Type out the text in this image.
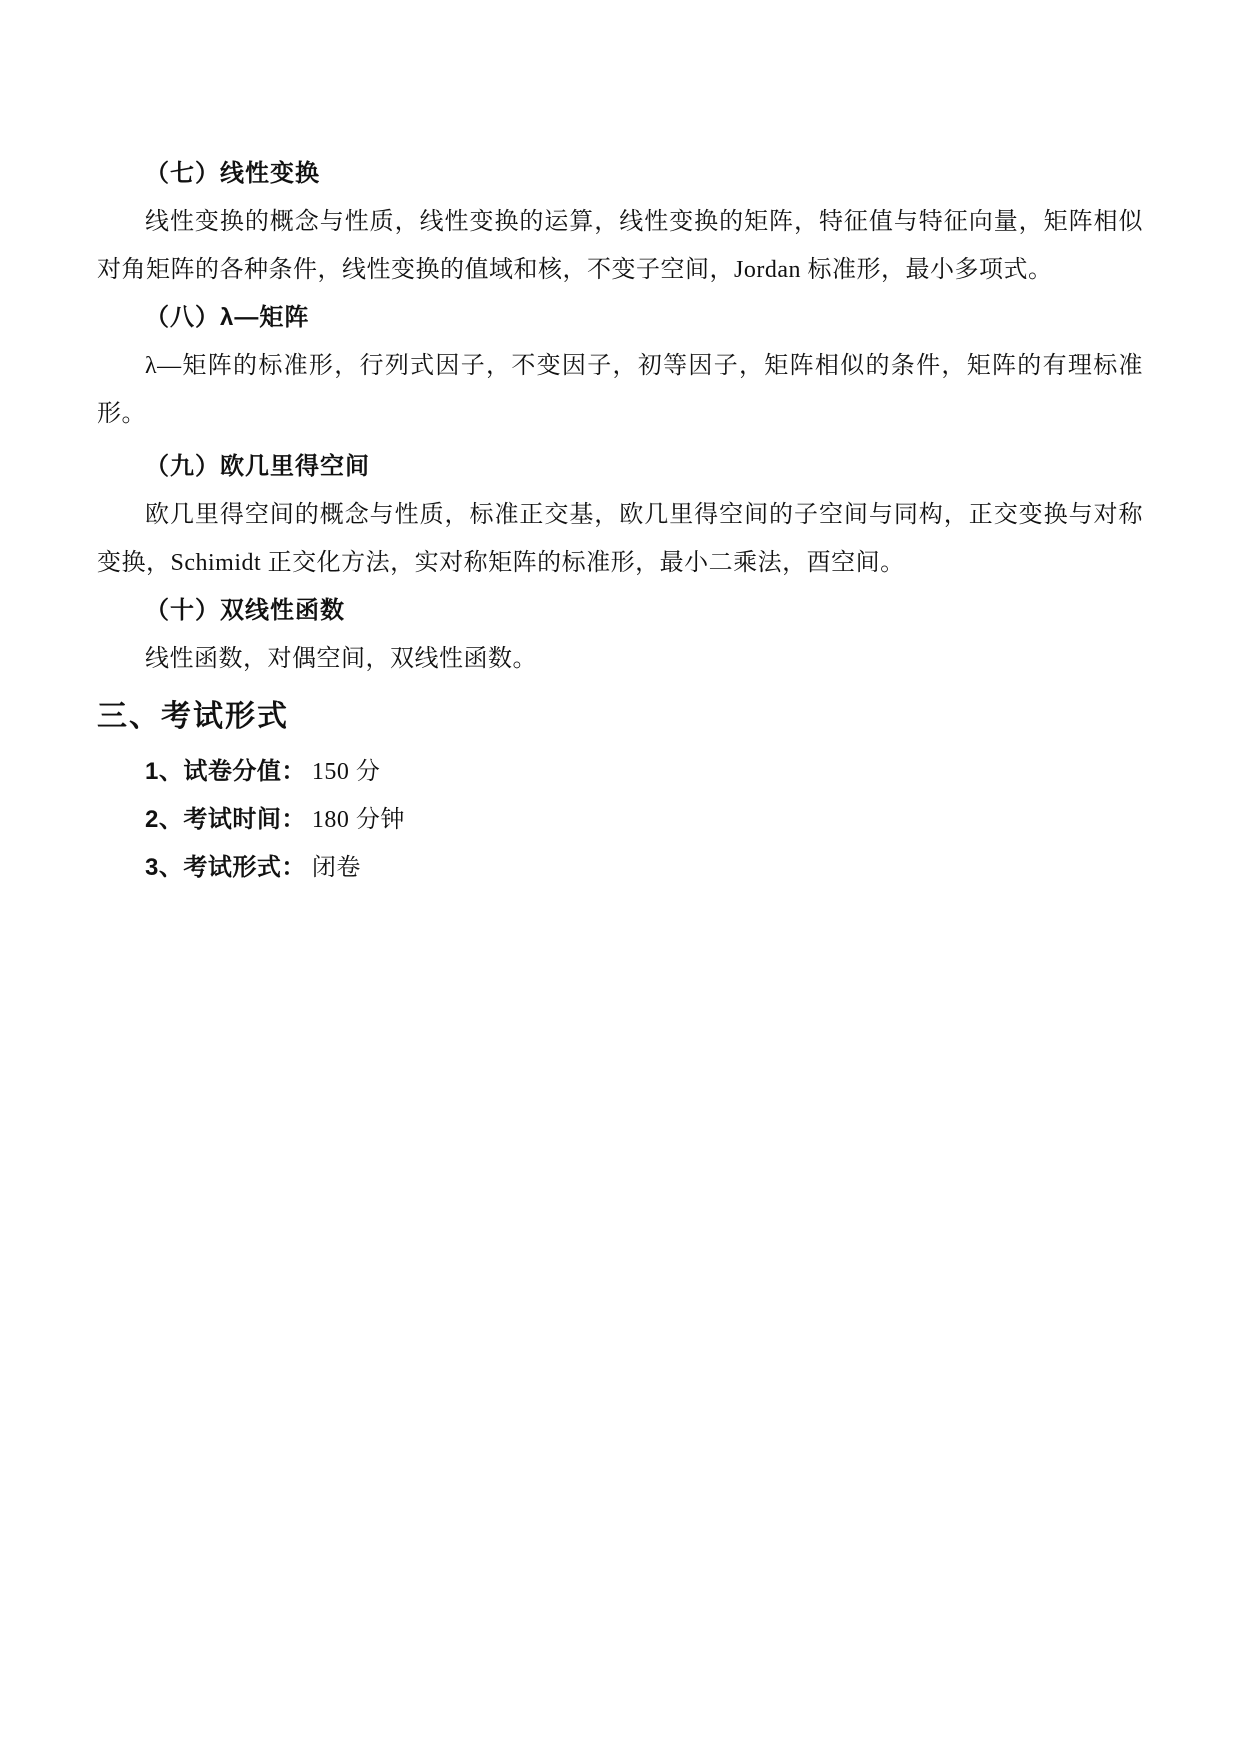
（七）线性变换

线性变换的概念与性质，线性变换的运算，线性变换的矩阵，特征值与特征向量，矩阵相似对角矩阵的各种条件，线性变换的值域和核，不变子空间，Jordan 标准形，最小多项式。

（八）λ—矩阵

λ—矩阵的标准形，行列式因子，不变因子，初等因子，矩阵相似的条件，矩阵的有理标准形。

（九）欧几里得空间

欧几里得空间的概念与性质，标准正交基，欧几里得空间的子空间与同构，正交变换与对称变换，Schimidt 正交化方法，实对称矩阵的标准形，最小二乘法，酉空间。

（十）双线性函数

线性函数，对偶空间，双线性函数。

三、考试形式
1、试卷分值： 150 分
2、考试时间： 180 分钟
3、考试形式： 闭卷
